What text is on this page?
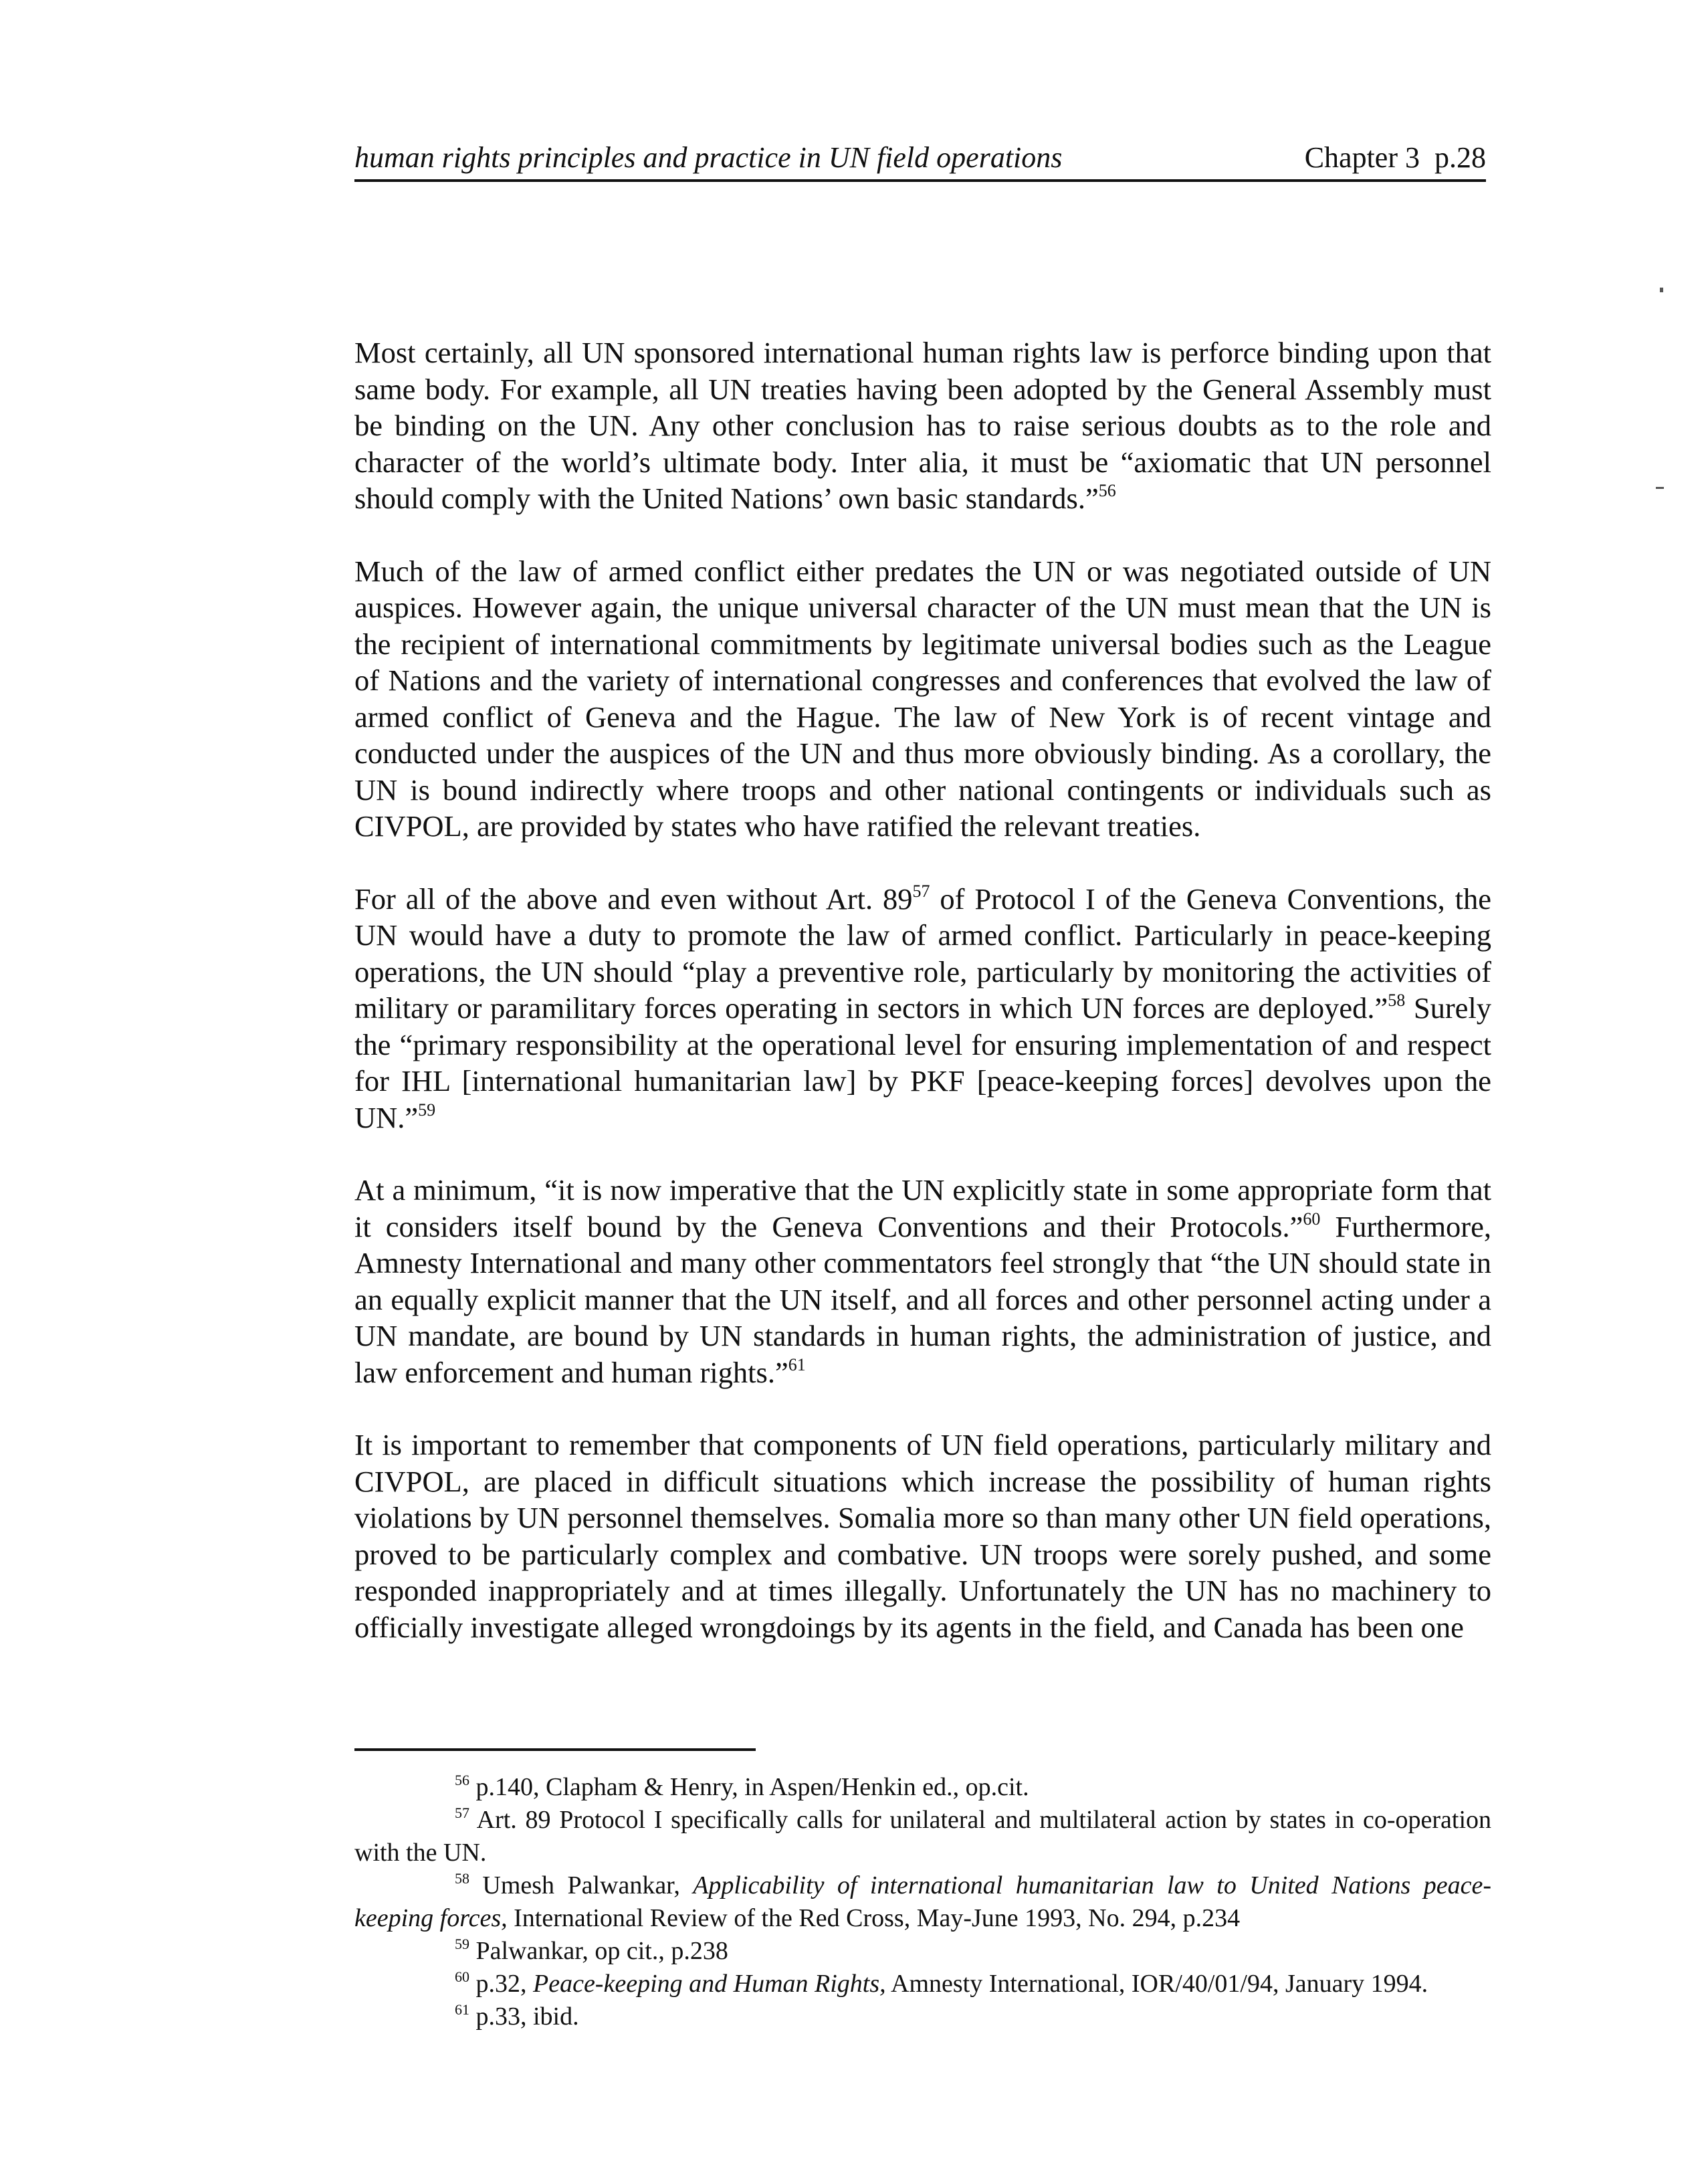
human rights principles and practice in UN field operations	Chapter 3 p.28

Most certainly, all UN sponsored international human rights law is perforce binding upon that same body. For example, all UN treaties having been adopted by the General Assembly must be binding on the UN. Any other conclusion has to raise serious doubts as to the role and character of the world’s ultimate body. Inter alia, it must be “axiomatic that UN personnel should comply with the United Nations’ own basic standards.”$^{56}$

Much of the law of armed conflict either predates the UN or was negotiated outside of UN auspices. However again, the unique universal character of the UN must mean that the UN is the recipient of international commitments by legitimate universal bodies such as the League of Nations and the variety of international congresses and conferences that evolved the law of armed conflict of Geneva and the Hague. The law of New York is of recent vintage and conducted under the auspices of the UN and thus more obviously binding. As a corollary, the UN is bound indirectly where troops and other national contingents or individuals such as CIVPOL, are provided by states who have ratified the relevant treaties.

For all of the above and even without Art. $89^{57}$ of Protocol I of the Geneva Conventions, the UN would have a duty to promote the law of armed conflict. Particularly in peace-keeping operations, the UN should “play a preventive role, particularly by monitoring the activities of military or paramilitary forces operating in sectors in which UN forces are deployed.”$^{58}$ Surely the “primary responsibility at the operational level for ensuring implementation of and respect for IHL [international humanitarian law] by PKF [peace-keeping forces] devolves upon the UN.”$^{59}$

At a minimum, “it is now imperative that the UN explicitly state in some appropriate form that it considers itself bound by the Geneva Conventions and their Protocols.”$^{60}$ Furthermore, Amnesty International and many other commentators feel strongly that “the UN should state in an equally explicit manner that the UN itself, and all forces and other personnel acting under a UN mandate, are bound by UN standards in human rights, the administration of justice, and law enforcement and human rights.”$^{61}$

It is important to remember that components of UN field operations, particularly military and CIVPOL, are placed in difficult situations which increase the possibility of human rights violations by UN personnel themselves. Somalia more so than many other UN field operations, proved to be particularly complex and combative. UN troops were sorely pushed, and some responded inappropriately and at times illegally. Unfortunately the UN has no machinery to officially investigate alleged wrongdoings by its agents in the field, and Canada has been one

$^{56}$ p.140, Clapham & Henry, in Aspen/Henkin ed., op.cit.

$^{57}$ Art. 89 Protocol I specifically calls for unilateral and multilateral action by states in co-operation with the UN.

$^{58}$ Umesh Palwankar, Applicability of international humanitarian law to United Nations peace-keeping forces, International Review of the Red Cross, May-June 1993, No. 294, p.234

$^{59}$ Palwankar, op cit., p.238

$^{60}$ p.32, Peace-keeping and Human Rights, Amnesty International, IOR/40/01/94, January 1994.

$^{61}$ p.33, ibid.
